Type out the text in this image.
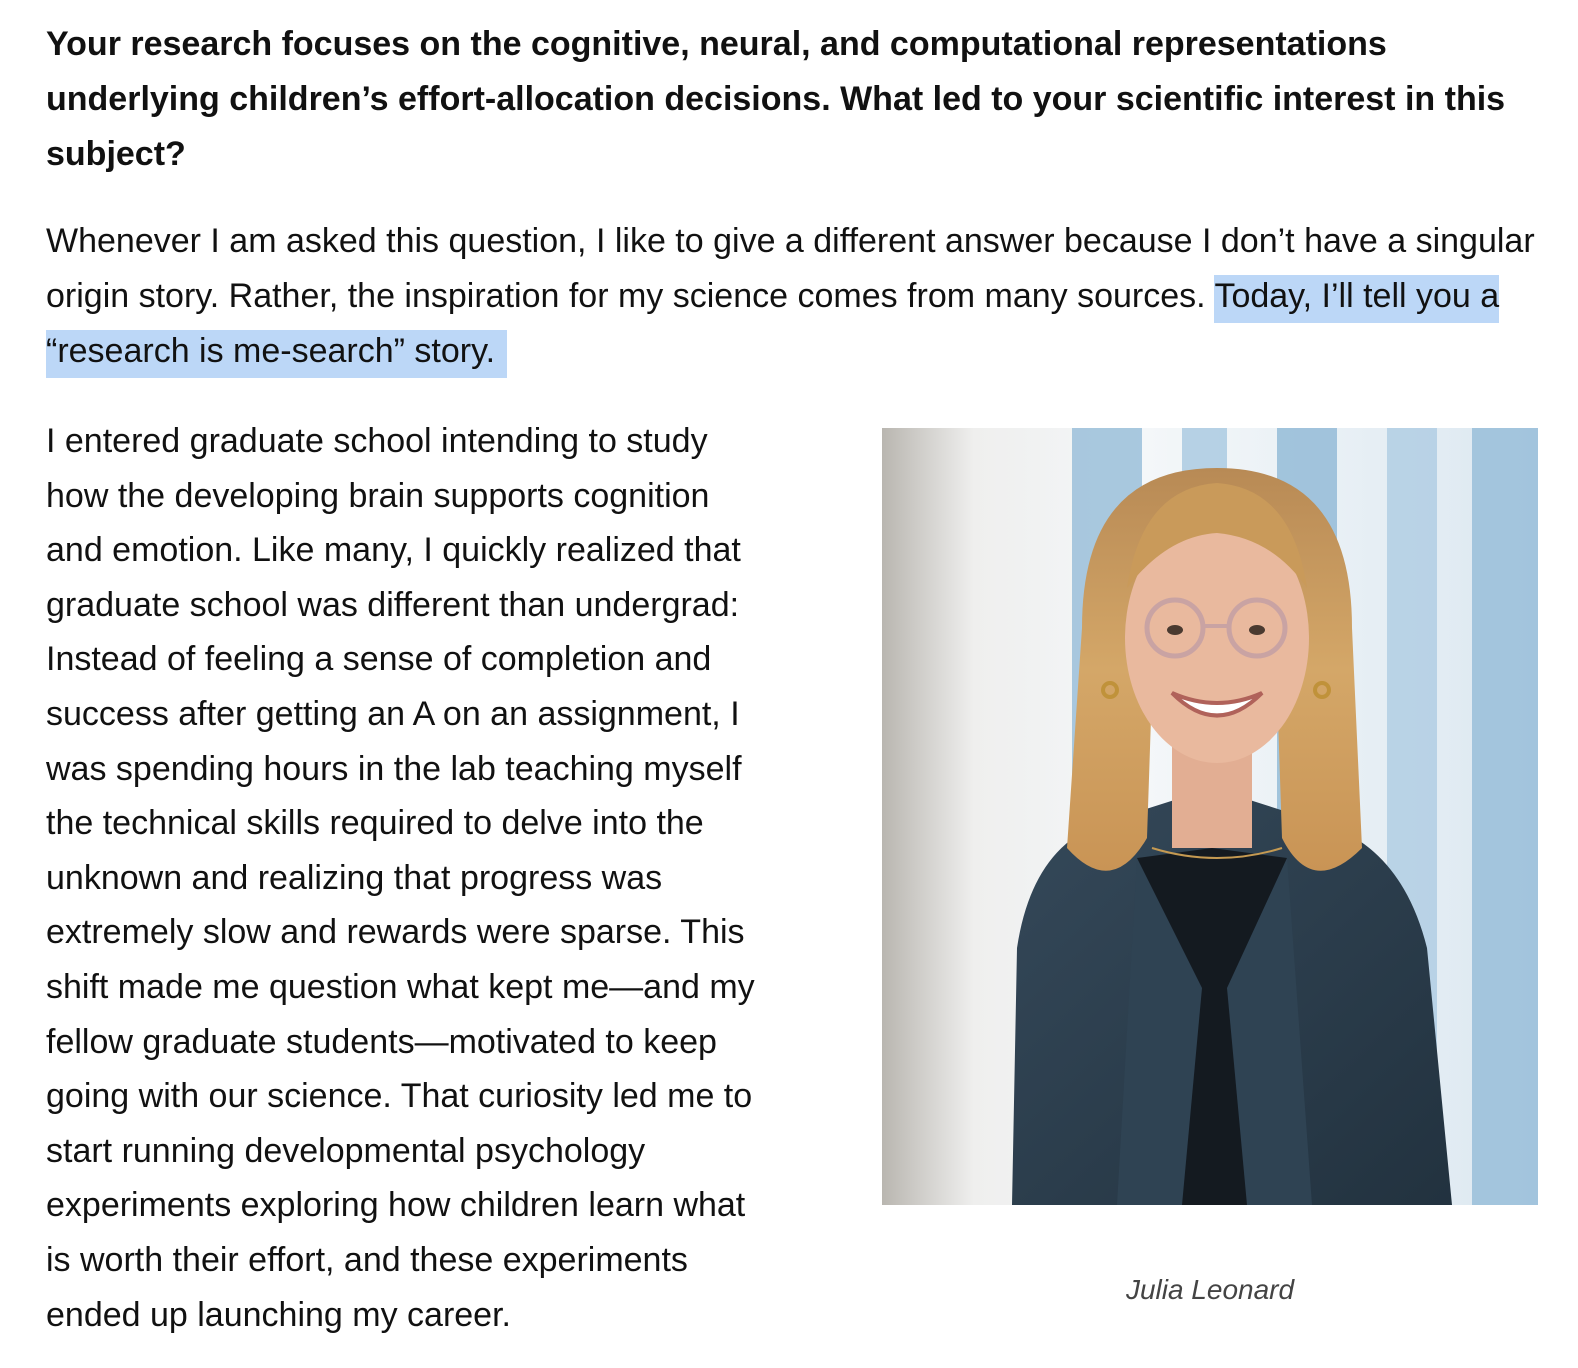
Your research focuses on the cognitive, neural, and computational representations underlying children’s effort-allocation decisions. What led to your scientific interest in this subject?

Whenever I am asked this question, I like to give a different answer because I don’t have a singular origin story. Rather, the inspiration for my science comes from many sources. Today, I’ll tell you a “research is me-search” story.

I entered graduate school intending to study
how the developing brain supports cognition
and emotion. Like many, I quickly realized that
graduate school was different than undergrad:
Instead of feeling a sense of completion and
success after getting an A on an assignment, I
was spending hours in the lab teaching myself
the technical skills required to delve into the
unknown and realizing that progress was
extremely slow and rewards were sparse. This
shift made me question what kept me—and my
fellow graduate students—motivated to keep
going with our science. That curiosity led me to
start running developmental psychology
experiments exploring how children learn what
is worth their effort, and these experiments
ended up launching my career.

Julia Leonard
